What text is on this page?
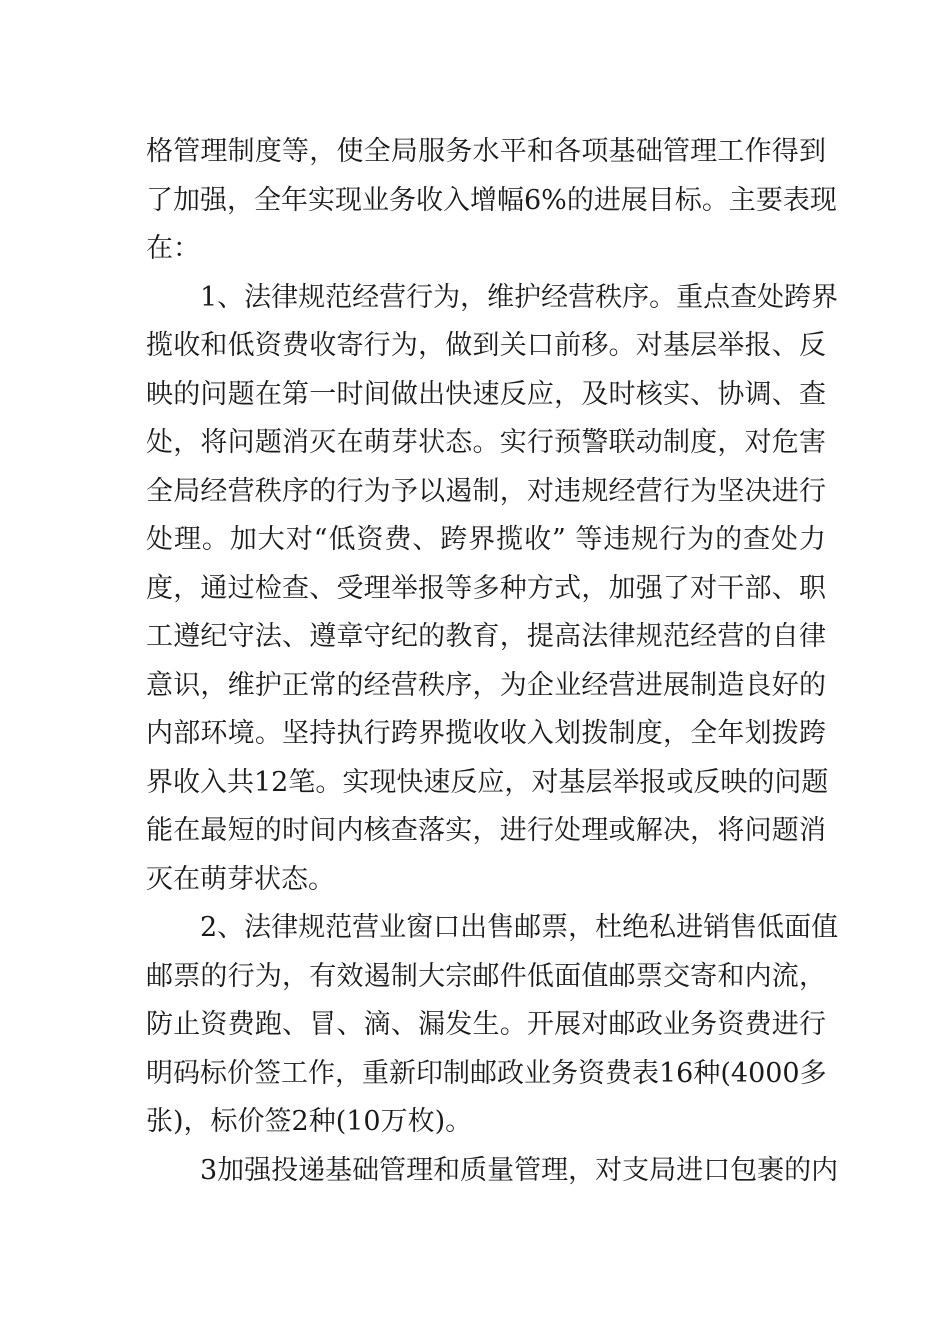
格管理制度等，使全局服务水平和各项基础管理工作得到
了加强，全年实现业务收入增幅6%的进展目标。主要表现
在：
1、法律规范经营行为，维护经营秩序。重点查处跨界
揽收和低资费收寄行为，做到关口前移。对基层举报、反
映的问题在第一时间做出快速反应，及时核实、协调、查
处，将问题消灭在萌芽状态。实行预警联动制度，对危害
全局经营秩序的行为予以遏制，对违规经营行为坚决进行
处理。加大对“低资费、跨界揽收” 等违规行为的查处力
度，通过检查、受理举报等多种方式，加强了对干部、职
工遵纪守法、遵章守纪的教育，提高法律规范经营的自律
意识，维护正常的经营秩序，为企业经营进展制造良好的
内部环境。坚持执行跨界揽收收入划拨制度，全年划拨跨
界收入共12笔。实现快速反应，对基层举报或反映的问题
能在最短的时间内核查落实，进行处理或解决，将问题消
灭在萌芽状态。
2、法律规范营业窗口出售邮票，杜绝私进销售低面值
邮票的行为，有效遏制大宗邮件低面值邮票交寄和内流，
防止资费跑、冒、滴、漏发生。开展对邮政业务资费进行
明码标价签工作，重新印制邮政业务资费表16种(4000多
张)，标价签2种(10万枚)。
3加强投递基础管理和质量管理，对支局进口包裹的内
